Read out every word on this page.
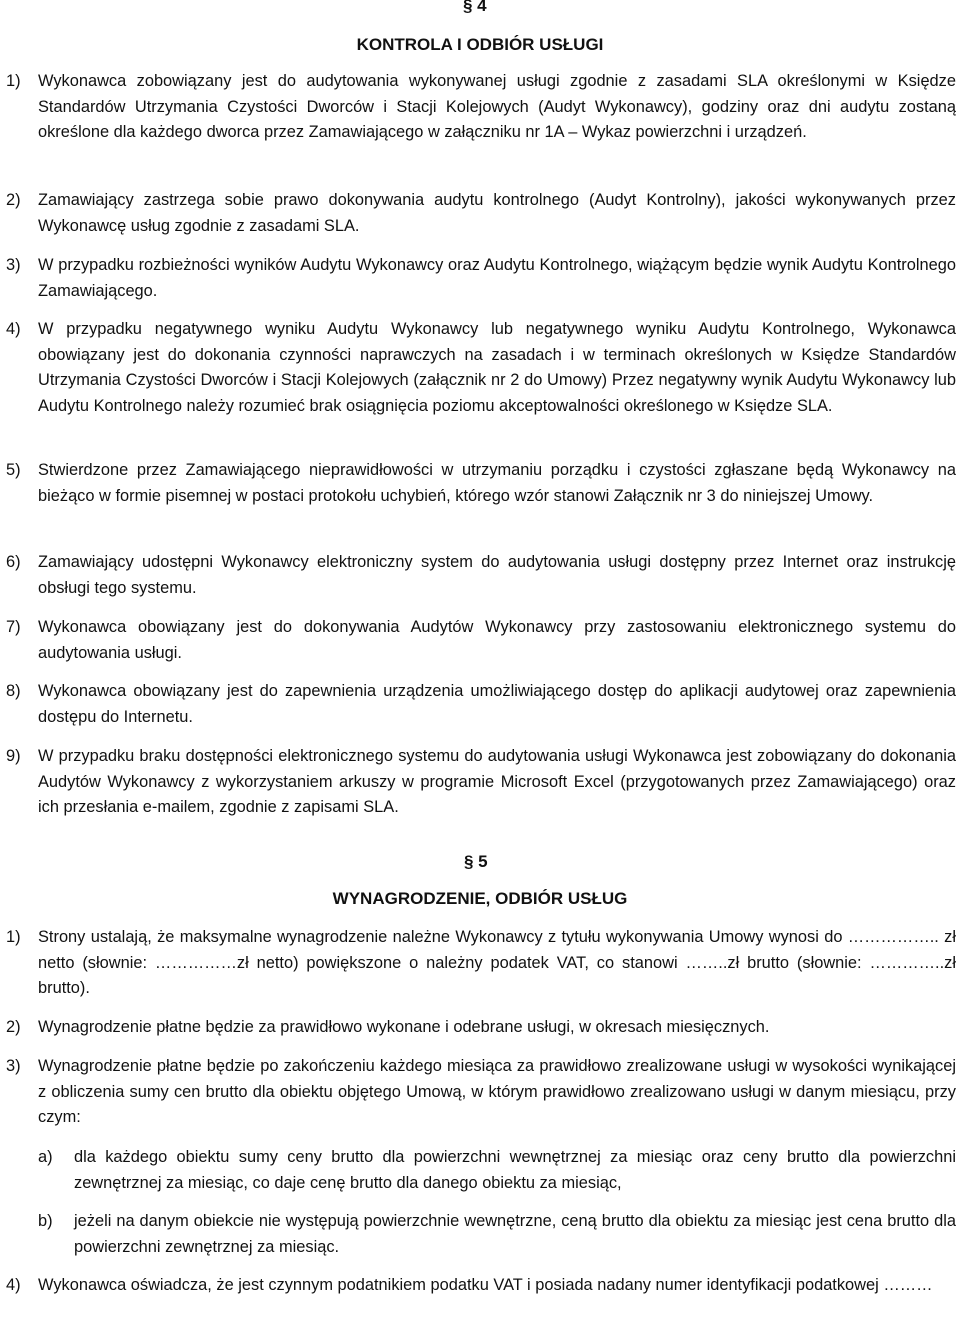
§ 4
KONTROLA I ODBIÓR USŁUGI
1) Wykonawca zobowiązany jest do audytowania wykonywanej usługi zgodnie z zasadami SLA określonymi w Księdze Standardów Utrzymania Czystości Dworców i Stacji Kolejowych (Audyt Wykonawcy), godziny oraz dni audytu zostaną określone dla każdego dworca przez Zamawiającego w załączniku nr 1A – Wykaz powierzchni i urządzeń.
2) Zamawiający zastrzega sobie prawo dokonywania audytu kontrolnego (Audyt Kontrolny), jakości wykonywanych przez Wykonawcę usług zgodnie z zasadami SLA.
3) W przypadku rozbieżności wyników Audytu Wykonawcy oraz Audytu Kontrolnego, wiążącym będzie wynik Audytu Kontrolnego Zamawiającego.
4) W przypadku negatywnego wyniku Audytu Wykonawcy lub negatywnego wyniku Audytu Kontrolnego, Wykonawca obowiązany jest do dokonania czynności naprawczych na zasadach i w terminach określonych w Księdze Standardów Utrzymania Czystości Dworców i Stacji Kolejowych (załącznik nr 2 do Umowy) Przez negatywny wynik Audytu Wykonawcy lub Audytu Kontrolnego należy rozumieć brak osiągnięcia poziomu akceptowalności określonego w Księdze SLA.
5) Stwierdzone przez Zamawiającego nieprawidłowości w utrzymaniu porządku i czystości zgłaszane będą Wykonawcy na bieżąco w formie pisemnej w postaci protokołu uchybień, którego wzór stanowi Załącznik nr 3 do niniejszej Umowy.
6) Zamawiający udostępni Wykonawcy elektroniczny system do audytowania usługi dostępny przez Internet oraz instrukcję obsługi tego systemu.
7) Wykonawca obowiązany jest do dokonywania Audytów Wykonawcy przy zastosowaniu elektronicznego systemu do audytowania usługi.
8) Wykonawca obowiązany jest do zapewnienia urządzenia umożliwiającego dostęp do aplikacji audytowej oraz zapewnienia dostępu do Internetu.
9) W przypadku braku dostępności elektronicznego systemu do audytowania usługi Wykonawca jest zobowiązany do dokonania Audytów Wykonawcy z wykorzystaniem arkuszy w programie Microsoft Excel (przygotowanych przez Zamawiającego) oraz ich przesłania e-mailem, zgodnie z zapisami SLA.
§ 5
WYNAGRODZENIE, ODBIÓR USŁUG
1) Strony ustalają, że maksymalne wynagrodzenie należne Wykonawcy z tytułu wykonywania Umowy wynosi do …………….. zł netto (słownie: ……………zł netto) powiększone o należny podatek VAT, co stanowi ……..zł brutto (słownie: …………..zł brutto).
2) Wynagrodzenie płatne będzie za prawidłowo wykonane i odebrane usługi, w okresach miesięcznych.
3) Wynagrodzenie płatne będzie po zakończeniu każdego miesiąca za prawidłowo zrealizowane usługi w wysokości wynikającej z obliczenia sumy cen brutto dla obiektu objętego Umową, w którym prawidłowo zrealizowano usługi w danym miesiącu, przy czym:
a) dla każdego obiektu sumy ceny brutto dla powierzchni wewnętrznej za miesiąc oraz ceny brutto dla powierzchni zewnętrznej za miesiąc, co daje cenę brutto dla danego obiektu za miesiąc,
b) jeżeli na danym obiekcie nie występują powierzchnie wewnętrzne, ceną brutto dla obiektu za miesiąc jest cena brutto dla powierzchni zewnętrznej za miesiąc.
4) Wykonawca oświadcza, że jest czynnym podatnikiem podatku VAT i posiada nadany numer identyfikacji podatkowej ………
